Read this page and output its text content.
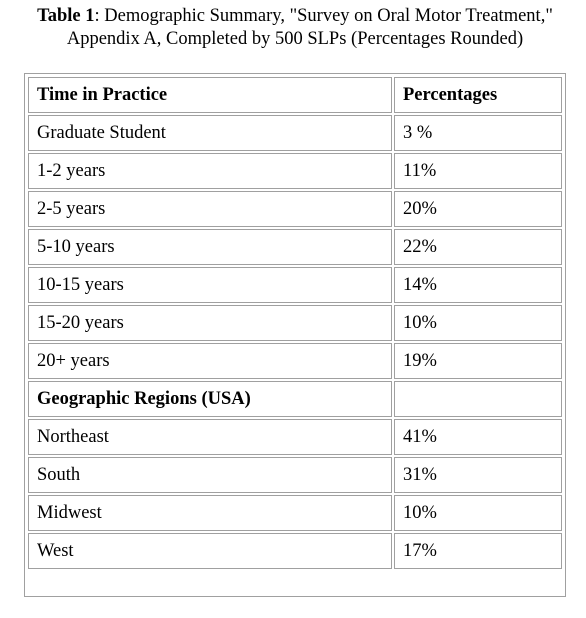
Table 1: Demographic Summary, "Survey on Oral Motor Treatment," Appendix A, Completed by 500 SLPs (Percentages Rounded)
Time in Practice	Percentages
Graduate Student	3 %
1-2 years	11%
2-5 years	20%
5-10 years	22%
10-15 years	14%
15-20 years	10%
20+ years	19%
Geographic Regions (USA)	
Northeast	41%
South	31%
Midwest	10%
West	17%
